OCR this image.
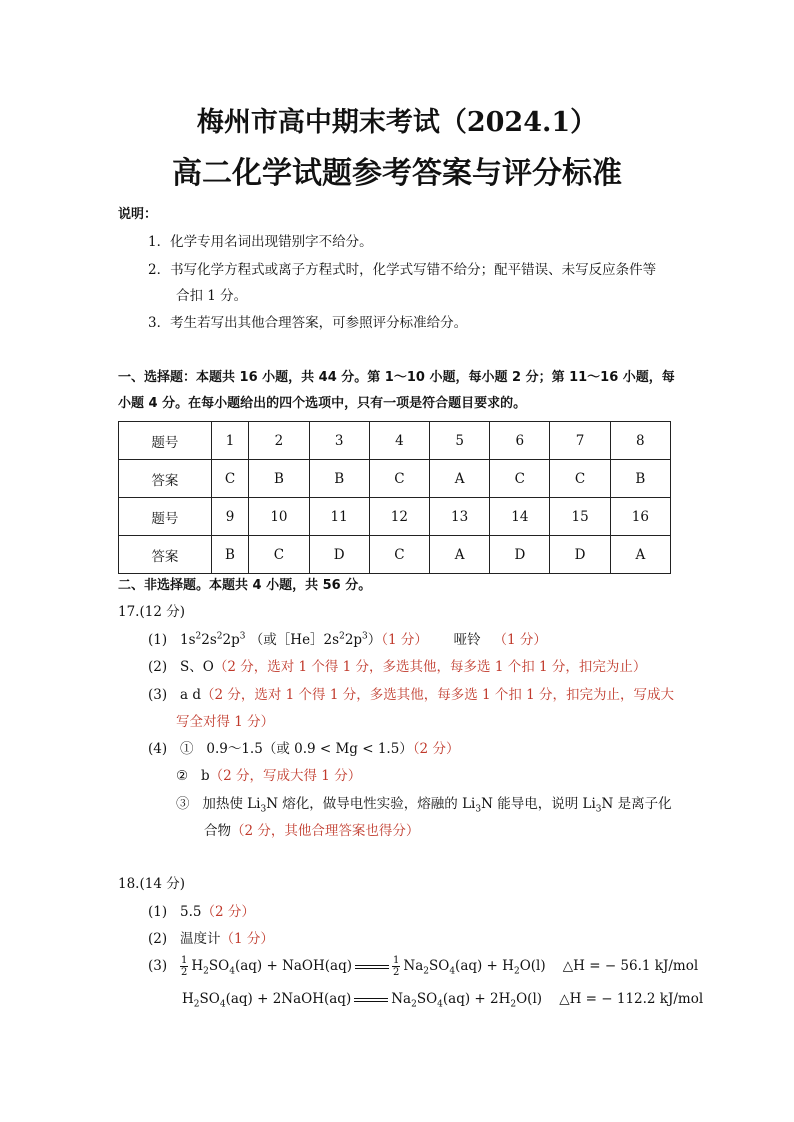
梅州市高中期末考试（2024.1）
高二化学试题参考答案与评分标准
说明：
1．化学专用名词出现错别字不给分。
2．书写化学方程式或离子方程式时，化学式写错不给分；配平错误、未写反应条件等
合扣 1 分。
3．考生若写出其他合理答案，可参照评分标准给分。
一、选择题：本题共 16 小题，共 44 分。第 1～10 小题，每小题 2 分；第 11～16 小题，每
小题 4 分。在每小题给出的四个选项中，只有一项是符合题目要求的。
题号	1	2	3	4	5	6	7	8
答案	C	B	B	C	A	C	C	B
题号	9	10	11	12	13	14	15	16
答案	B	C	D	C	A	D	D	A
二、非选择题。本题共 4 小题，共 56 分。
17.(12 分)
(1) $1s^22s^22p^3$ （或$[He]2s^22p^3)(1$ 分） 哑铃 （1 分）
(2) S、O（2 分，选对 1 个得 1 分，多选其他，每多选 1 个扣 1 分，扣完为止）
(3) a d（2 分，选对 1 个得 1 分，多选其他，每多选 1 个扣 1 分，扣完为止，写成大
写全对得 1 分）
(4) ① 0.9～1.5（或 0.9 < Mg < 1.5）（2 分）
② b（2 分，写成大得 1 分）
③ 加热使 $Li_3N$ 熔化，做导电性实验，熔融的 $Li_3N$ 能导电，说明 $Li_3N$ 是离子化
合物（2 分，其他合理答案也得分）
18.(14 分)
(1) 5.5（2 分）
(2) 温度计（1 分）
$(3) \frac{1}{2} H_2SO_4(aq)$ + NaOH(aq)	$\frac{1}{2} Na_2SO_4(aq) + H_2O(l)$    △H = − 56.1 kJ/mol
$H_2SO_4(aq)$ + 2NaOH(aq)	$Na_2SO_4(aq) + 2H_2O(l)$    △H = − 112.2 kJ/mol
